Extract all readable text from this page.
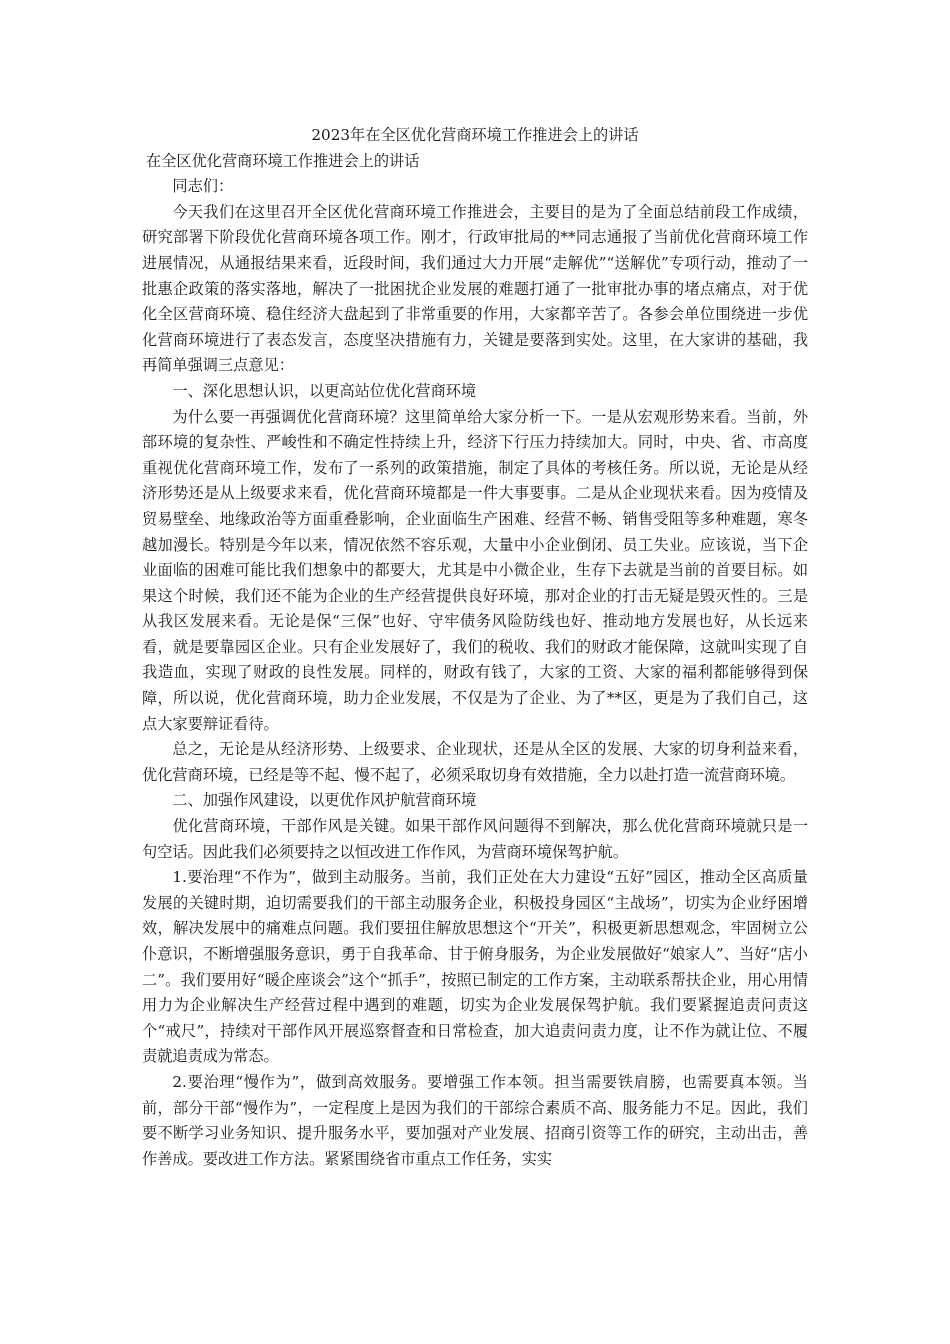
2023年在全区优化营商环境工作推进会上的讲话

在全区优化营商环境工作推进会上的讲话

同志们：

今天我们在这里召开全区优化营商环境工作推进会，主要目的是为了全面总结前段工作成绩，研究部署下阶段优化营商环境各项工作。刚才，行政审批局的**同志通报了当前优化营商环境工作进展情况，从通报结果来看，近段时间，我们通过大力开展“走解优”“送解优”专项行动，推动了一批惠企政策的落实落地，解决了一批困扰企业发展的难题打通了一批审批办事的堵点痛点，对于优化全区营商环境、稳住经济大盘起到了非常重要的作用，大家都辛苦了。各参会单位围绕进一步优化营商环境进行了表态发言，态度坚决措施有力，关键是要落到实处。这里，在大家讲的基础，我再简单强调三点意见：

一、深化思想认识，以更高站位优化营商环境

为什么要一再强调优化营商环境？这里简单给大家分析一下。一是从宏观形势来看。当前，外部环境的复杂性、严峻性和不确定性持续上升，经济下行压力持续加大。同时，中央、省、市高度重视优化营商环境工作，发布了一系列的政策措施，制定了具体的考核任务。所以说，无论是从经济形势还是从上级要求来看，优化营商环境都是一件大事要事。二是从企业现状来看。因为疫情及贸易壁垒、地缘政治等方面重叠影响，企业面临生产困难、经营不畅、销售受阻等多种难题，寒冬越加漫长。特别是今年以来，情况依然不容乐观，大量中小企业倒闭、员工失业。应该说，当下企业面临的困难可能比我们想象中的都要大，尤其是中小微企业，生存下去就是当前的首要目标。如果这个时候，我们还不能为企业的生产经营提供良好环境，那对企业的打击无疑是毁灭性的。三是从我区发展来看。无论是保“三保”也好、守牢债务风险防线也好、推动地方发展也好，从长远来看，就是要靠园区企业。只有企业发展好了，我们的税收、我们的财政才能保障，这就叫实现了自我造血，实现了财政的良性发展。同样的，财政有钱了，大家的工资、大家的福利都能够得到保障，所以说，优化营商环境，助力企业发展，不仅是为了企业、为了**区，更是为了我们自己，这点大家要辩证看待。

总之，无论是从经济形势、上级要求、企业现状，还是从全区的发展、大家的切身利益来看，优化营商环境，已经是等不起、慢不起了，必须采取切身有效措施，全力以赴打造一流营商环境。

二、加强作风建设，以更优作风护航营商环境

优化营商环境，干部作风是关键。如果干部作风问题得不到解决，那么优化营商环境就只是一句空话。因此我们必须要持之以恒改进工作作风，为营商环境保驾护航。

1.要治理“不作为”，做到主动服务。当前，我们正处在大力建设“五好”园区，推动全区高质量发展的关键时期，迫切需要我们的干部主动服务企业，积极投身园区“主战场”，切实为企业纾困增效，解决发展中的痛难点问题。我们要扭住解放思想这个“开关”，积极更新思想观念，牢固树立公仆意识，不断增强服务意识，勇于自我革命、甘于俯身服务，为企业发展做好“娘家人”、当好“店小二”。我们要用好“暖企座谈会”这个“抓手”，按照已制定的工作方案，主动联系帮扶企业，用心用情用力为企业解决生产经营过程中遇到的难题，切实为企业发展保驾护航。我们要紧握追责问责这个“戒尺”，持续对干部作风开展巡察督查和日常检查，加大追责问责力度，让不作为就让位、不履责就追责成为常态。

2.要治理“慢作为”，做到高效服务。要增强工作本领。担当需要铁肩膀，也需要真本领。当前，部分干部“慢作为”，一定程度上是因为我们的干部综合素质不高、服务能力不足。因此，我们要不断学习业务知识、提升服务水平，要加强对产业发展、招商引资等工作的研究，主动出击，善作善成。要改进工作方法。紧紧围绕省市重点工作任务，实实
